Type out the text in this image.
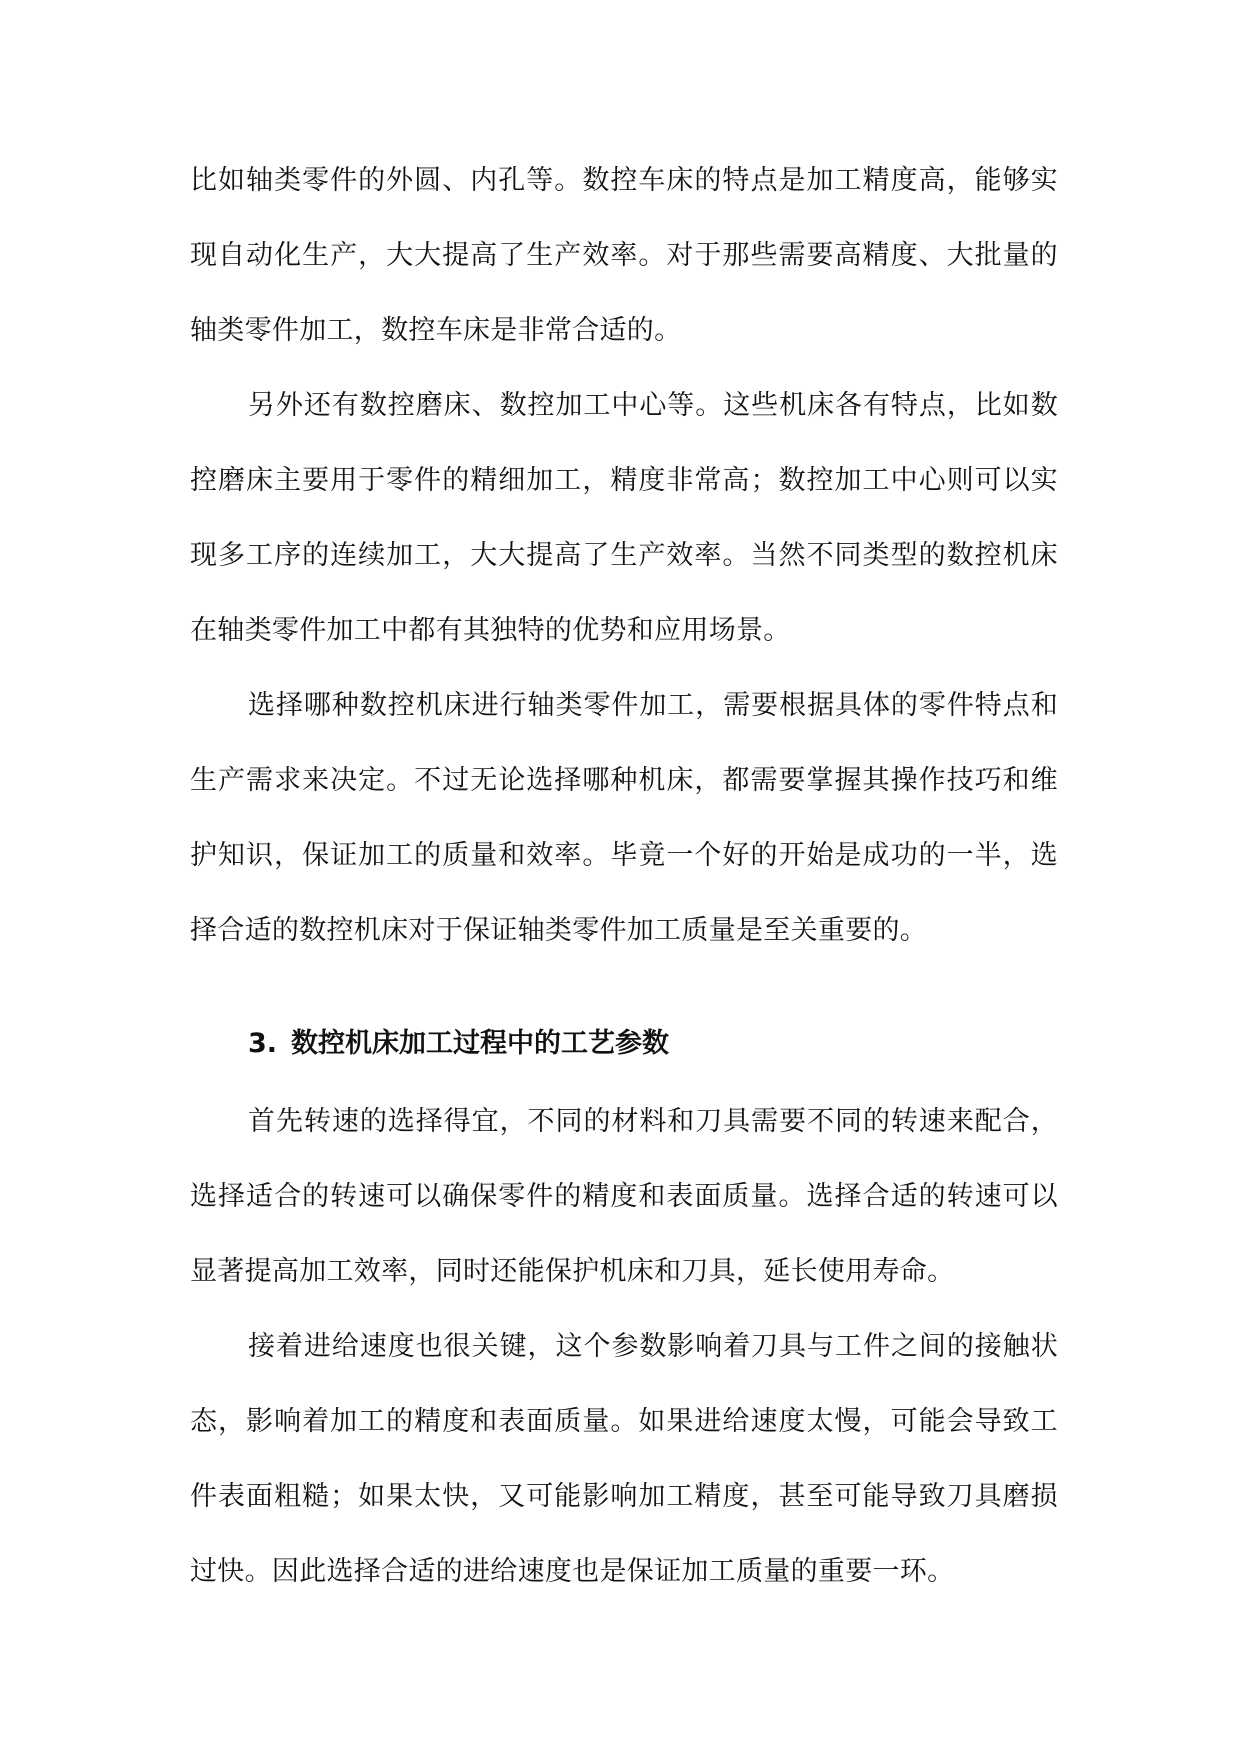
比如轴类零件的外圆、内孔等。数控车床的特点是加工精度高，能够实现自动化生产，大大提高了生产效率。对于那些需要高精度、大批量的轴类零件加工，数控车床是非常合适的。

另外还有数控磨床、数控加工中心等。这些机床各有特点，比如数控磨床主要用于零件的精细加工，精度非常高；数控加工中心则可以实现多工序的连续加工，大大提高了生产效率。当然不同类型的数控机床在轴类零件加工中都有其独特的优势和应用场景。

选择哪种数控机床进行轴类零件加工，需要根据具体的零件特点和生产需求来决定。不过无论选择哪种机床，都需要掌握其操作技巧和维护知识，保证加工的质量和效率。毕竟一个好的开始是成功的一半，选择合适的数控机床对于保证轴类零件加工质量是至关重要的。

3. 数控机床加工过程中的工艺参数

首先转速的选择得宜，不同的材料和刀具需要不同的转速来配合，选择适合的转速可以确保零件的精度和表面质量。选择合适的转速可以显著提高加工效率，同时还能保护机床和刀具，延长使用寿命。

接着进给速度也很关键，这个参数影响着刀具与工件之间的接触状态，影响着加工的精度和表面质量。如果进给速度太慢，可能会导致工件表面粗糙；如果太快，又可能影响加工精度，甚至可能导致刀具磨损过快。因此选择合适的进给速度也是保证加工质量的重要一环。
